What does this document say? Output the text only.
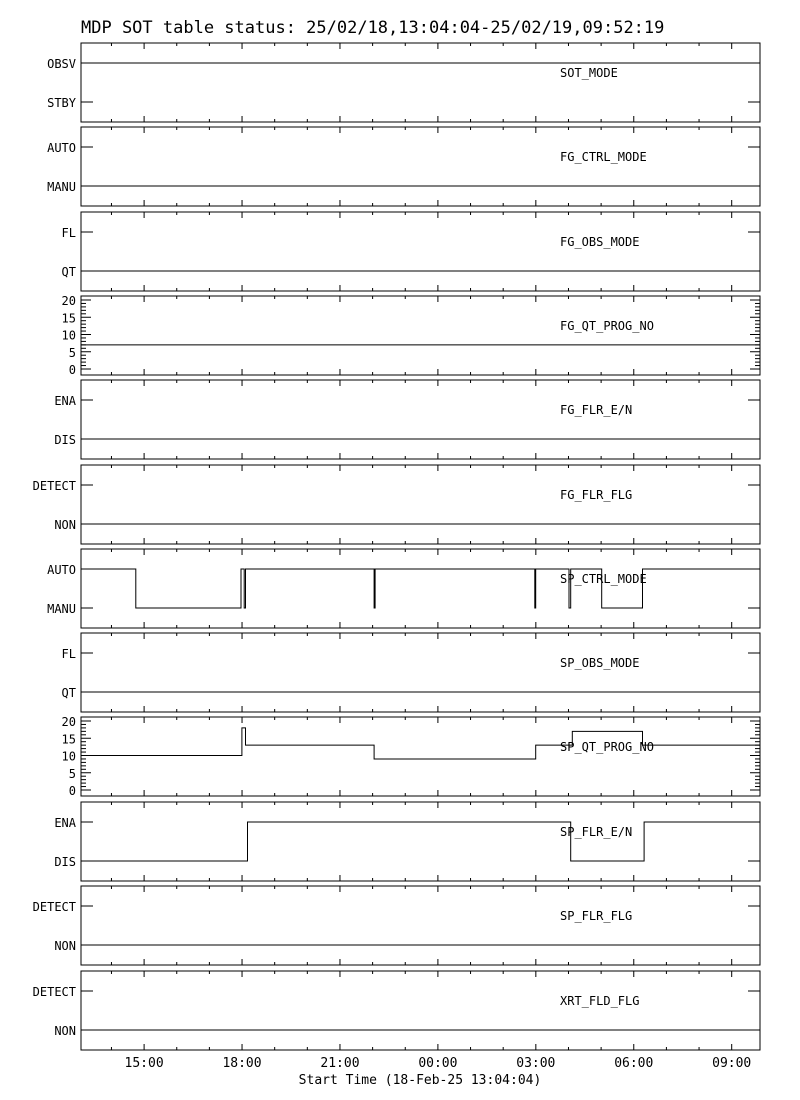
MDP SOT table status: 25/02/18,13:04:04-25/02/19,09:52:19
Start Time (18-Feb-25 13:04:04)
OBSV
STBY
SOT_MODE
AUTO
MANU
FG_CTRL_MODE
FL
QT
FG_OBS_MODE
20
15
10
5
0
FG_QT_PROG_NO
ENA
DIS
FG_FLR_E/N
DETECT
NON
FG_FLR_FLG
AUTO
MANU
SP_CTRL_MODE
FL
QT
SP_OBS_MODE
20
15
10
5
0
SP_QT_PROG_NO
ENA
DIS
SP_FLR_E/N
DETECT
NON
SP_FLR_FLG
DETECT
NON
XRT_FLD_FLG
15:00	18:00	21:00	00:00	03:00	06:00	09:00
